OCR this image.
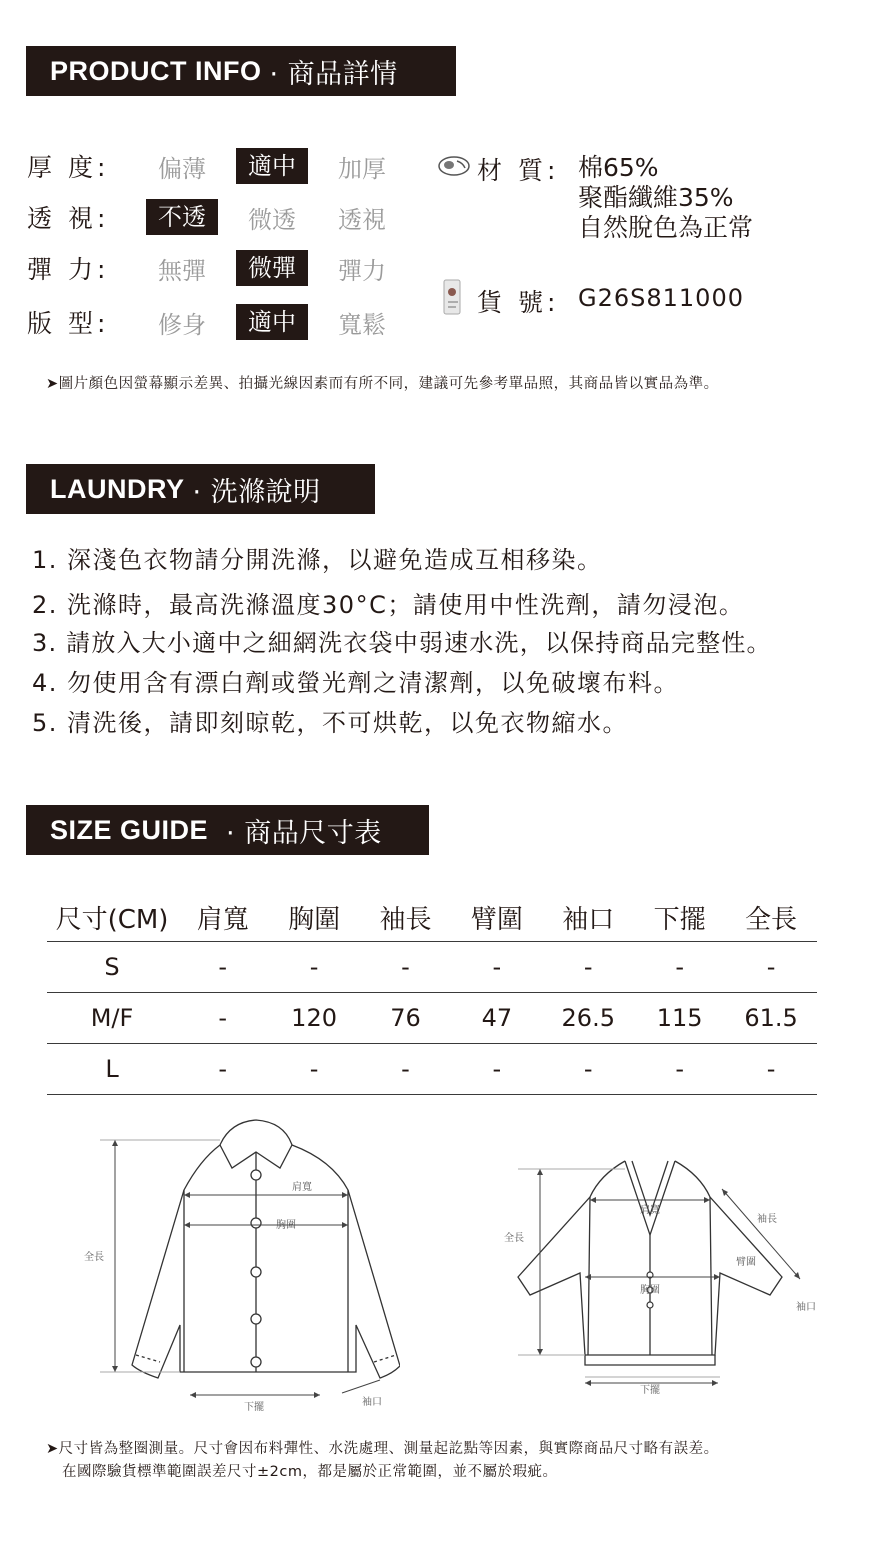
PRODUCT INFO · 商品詳情
厚 度:	偏薄	適中	加厚
透 視:	不透	微透	透視
彈 力:	無彈	微彈	彈力
版 型:	修身	適中	寬鬆
材 質: 棉65%
聚酯纖維35%
自然脫色為正常
貨 號: G26S811000
➤圖片顏色因螢幕顯示差異、拍攝光線因素而有所不同，建議可先參考單品照，其商品皆以實品為準。
LAUNDRY · 洗滌說明
1. 深淺色衣物請分開洗滌，以避免造成互相移染。
2. 洗滌時，最高洗滌溫度30°C；請使用中性洗劑，請勿浸泡。
3. 請放入大小適中之細網洗衣袋中弱速水洗，以保持商品完整性。
4. 勿使用含有漂白劑或螢光劑之清潔劑，以免破壞布料。
5. 清洗後，請即刻晾乾，不可烘乾，以免衣物縮水。
SIZE GUIDE · 商品尺寸表
尺寸(CM)	肩寬	胸圍	袖長	臂圍	袖口	下擺	全長
S	-	-	-	-	-	-	-
M/F	-	120	76	47	26.5	115	61.5
L	-	-	-	-	-	-	-
肩寬
胸圍
全長
下擺	袖口
肩寬
袖長
臂圍
全長
胸圍
下擺
袖口
➤尺寸皆為整圈測量。尺寸會因布料彈性、水洗處理、測量起訖點等因素，與實際商品尺寸略有誤差。
在國際驗貨標準範圍誤差尺寸±2cm，都是屬於正常範圍，並不屬於瑕疵。
